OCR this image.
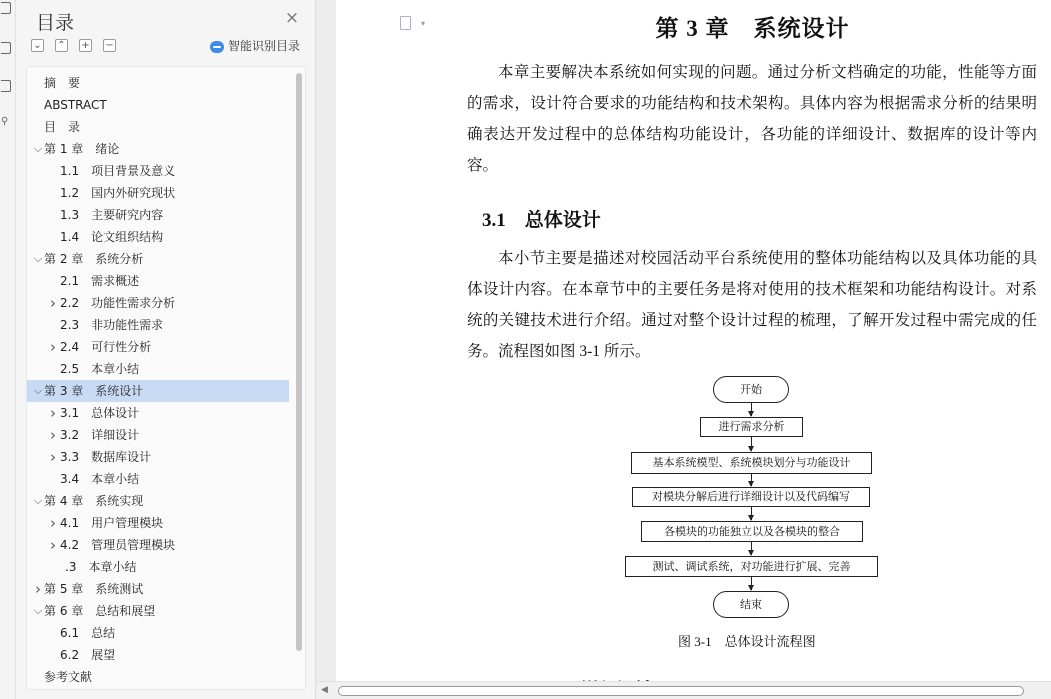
⚲
目录	×
⌄ ⌃ + −	智能识别目录
摘　要
ABSTRACT
目　录
⌵ 第 1 章　绪论
1.1　项目背景及意义
1.2　国内外研究现状
1.3　主要研究内容
1.4　论文组织结构
⌵ 第 2 章　系统分析
2.1　需求概述
› 2.2　功能性需求分析
2.3　非功能性需求
› 2.4　可行性分析
2.5　本章小结
⌵ 第 3 章　系统设计
› 3.1　总体设计
› 3.2　详细设计
› 3.3　数据库设计
3.4　本章小结
⌵ 第 4 章　系统实现
› 4.1　用户管理模块
› 4.2　管理员管理模块
.3　本章小结
› 第 5 章　系统测试
⌵ 第 6 章　总结和展望
6.1　总结
6.2　展望
参考文献
▾	第 3 章　系统设计
本章主要解决本系统如何实现的问题。通过分析文档确定的功能，性能等方面的需求，设计符合要求的功能结构和技术架构。具体内容为根据需求分析的结果明确表达开发过程中的总体结构功能设计，各功能的详细设计、数据库的设计等内容。
3.1　总体设计
本小节主要是描述对校园活动平台系统使用的整体功能结构以及具体功能的具体设计内容。在本章节中的主要任务是将对使用的技术框架和功能结构设计。对系统的关键技术进行介绍。通过对整个设计过程的梳理，了解开发过程中需完成的任务。流程图如图 3-1 所示。
开始
进行需求分析
基本系统模型、系统模块划分与功能设计
对模块分解后进行详细设计以及代码编写
各模块的功能独立以及各模块的整合
测试、调试系统，对功能进行扩展、完善
结束
图 3-1　总体设计流程图
◀
